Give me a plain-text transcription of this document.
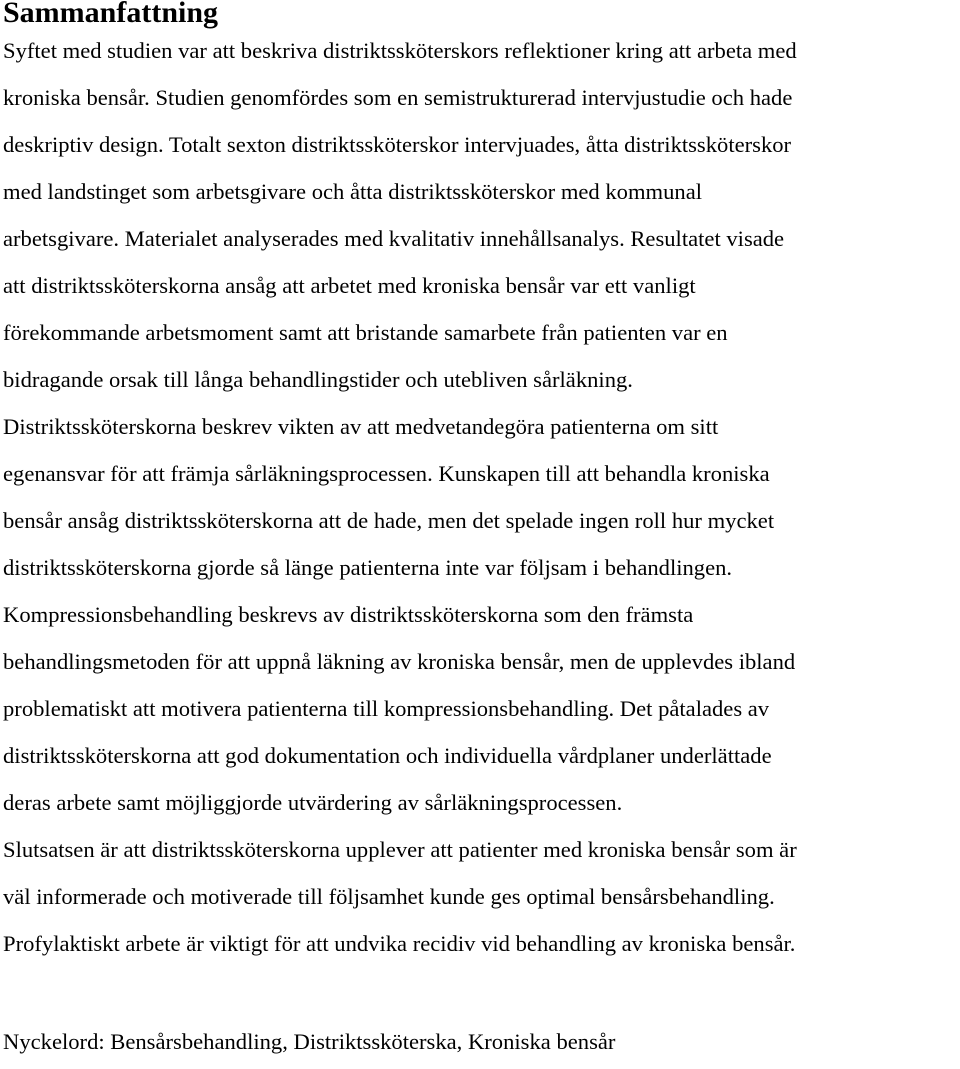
Sammanfattning

Syftet med studien var att beskriva distriktssköterskors reflektioner kring att arbeta med

kroniska bensår. Studien genomfördes som en semistrukturerad intervjustudie och hade

deskriptiv design. Totalt sexton distriktssköterskor intervjuades, åtta distriktssköterskor

med landstinget som arbetsgivare och åtta distriktssköterskor med kommunal

arbetsgivare. Materialet analyserades med kvalitativ innehållsanalys. Resultatet visade

att distriktssköterskorna ansåg att arbetet med kroniska bensår var ett vanligt

förekommande arbetsmoment samt att bristande samarbete från patienten var en

bidragande orsak till långa behandlingstider och utebliven sårläkning.

Distriktssköterskorna beskrev vikten av att medvetandegöra patienterna om sitt

egenansvar för att främja sårläkningsprocessen. Kunskapen till att behandla kroniska

bensår ansåg distriktssköterskorna att de hade, men det spelade ingen roll hur mycket

distriktssköterskorna gjorde så länge patienterna inte var följsam i behandlingen.

Kompressionsbehandling beskrevs av distriktssköterskorna som den främsta

behandlingsmetoden för att uppnå läkning av kroniska bensår, men de upplevdes ibland

problematiskt att motivera patienterna till kompressionsbehandling. Det påtalades av

distriktssköterskorna att god dokumentation och individuella vårdplaner underlättade

deras arbete samt möjliggjorde utvärdering av sårläkningsprocessen.

Slutsatsen är att distriktssköterskorna upplever att patienter med kroniska bensår som är

väl informerade och motiverade till följsamhet kunde ges optimal bensårsbehandling.

Profylaktiskt arbete är viktigt för att undvika recidiv vid behandling av kroniska bensår.

Nyckelord: Bensårsbehandling, Distriktssköterska, Kroniska bensår
